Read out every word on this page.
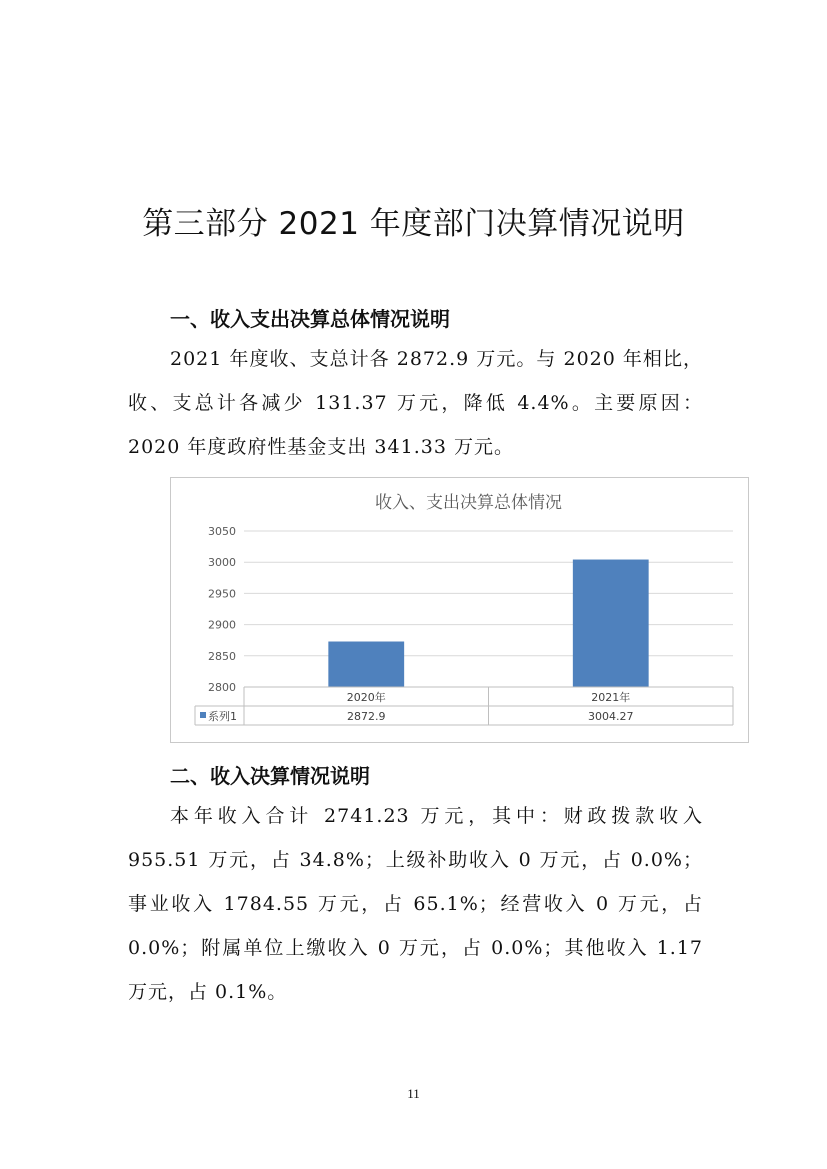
第三部分 2021 年度部门决算情况说明
一、收入支出决算总体情况说明
2021 年度收、支总计各 2872.9 万元。与 2020 年相比，收、支总计各减少 131.37 万元，降低 4.4%。主要原因：2020 年度政府性基金支出 341.33 万元。
收入、支出决算总体情况
2800
2850
2900
2950
3000
3050
2020年
2872.9
2021年
3004.27
系列1
二、收入决算情况说明
本年收入合计 2741.23 万元，其中：财政拨款收入 955.51 万元，占 34.8%；上级补助收入 0 万元，占 0.0%；事业收入 1784.55 万元，占 65.1%；经营收入 0 万元，占 0.0%；附属单位上缴收入 0 万元，占 0.0%；其他收入 1.17 万元，占 0.1%。
11
